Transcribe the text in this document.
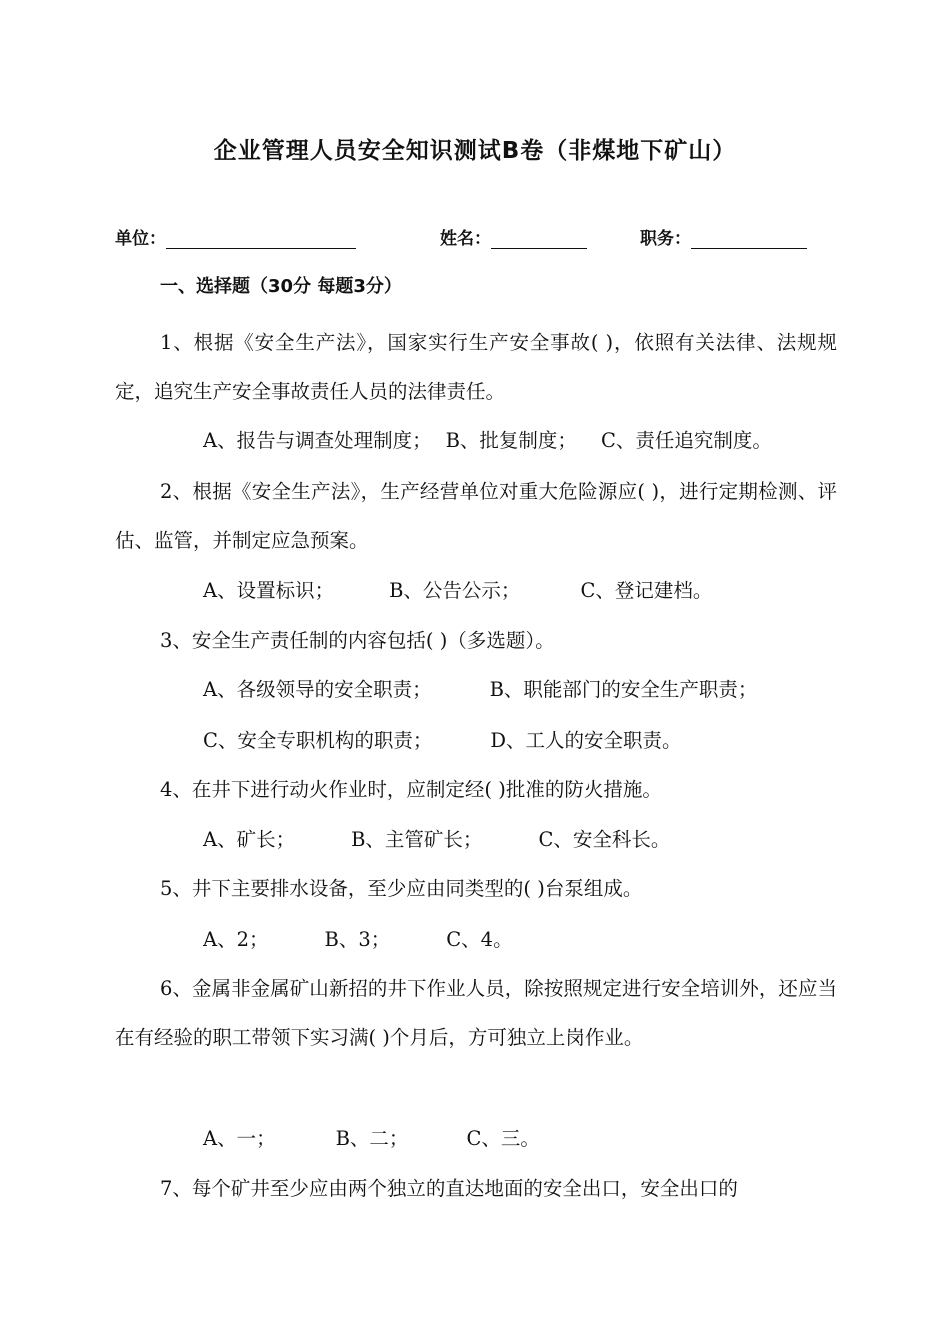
企业管理人员安全知识测试B卷（非煤地下矿山）
单位：	姓名：	职务：
一、选择题（30分 每题3分）

1、根据《安全生产法》，国家实行生产安全事故( )，依照有关法律、法规规定，追究生产安全事故责任人员的法律责任。

A、报告与调查处理制度； B、批复制度； C、责任追究制度。

2、根据《安全生产法》，生产经营单位对重大危险源应( )，进行定期检测、评估、监管，并制定应急预案。

A、设置标识；	B、公告公示；	C、登记建档。

3、安全生产责任制的内容包括( )（多选题）。

A、各级领导的安全职责；	B、职能部门的安全生产职责；

C、安全专职机构的职责；	D、工人的安全职责。

4、在井下进行动火作业时，应制定经( )批准的防火措施。

A、矿长；	B、主管矿长；	C、安全科长。

5、井下主要排水设备，至少应由同类型的( )台泵组成。

A、2；	B、3；	C、4。

6、金属非金属矿山新招的井下作业人员，除按照规定进行安全培训外，还应当在有经验的职工带领下实习满( )个月后，方可独立上岗作业。

A、一；	B、二；	C、三。

7、每个矿井至少应由两个独立的直达地面的安全出口，安全出口的
